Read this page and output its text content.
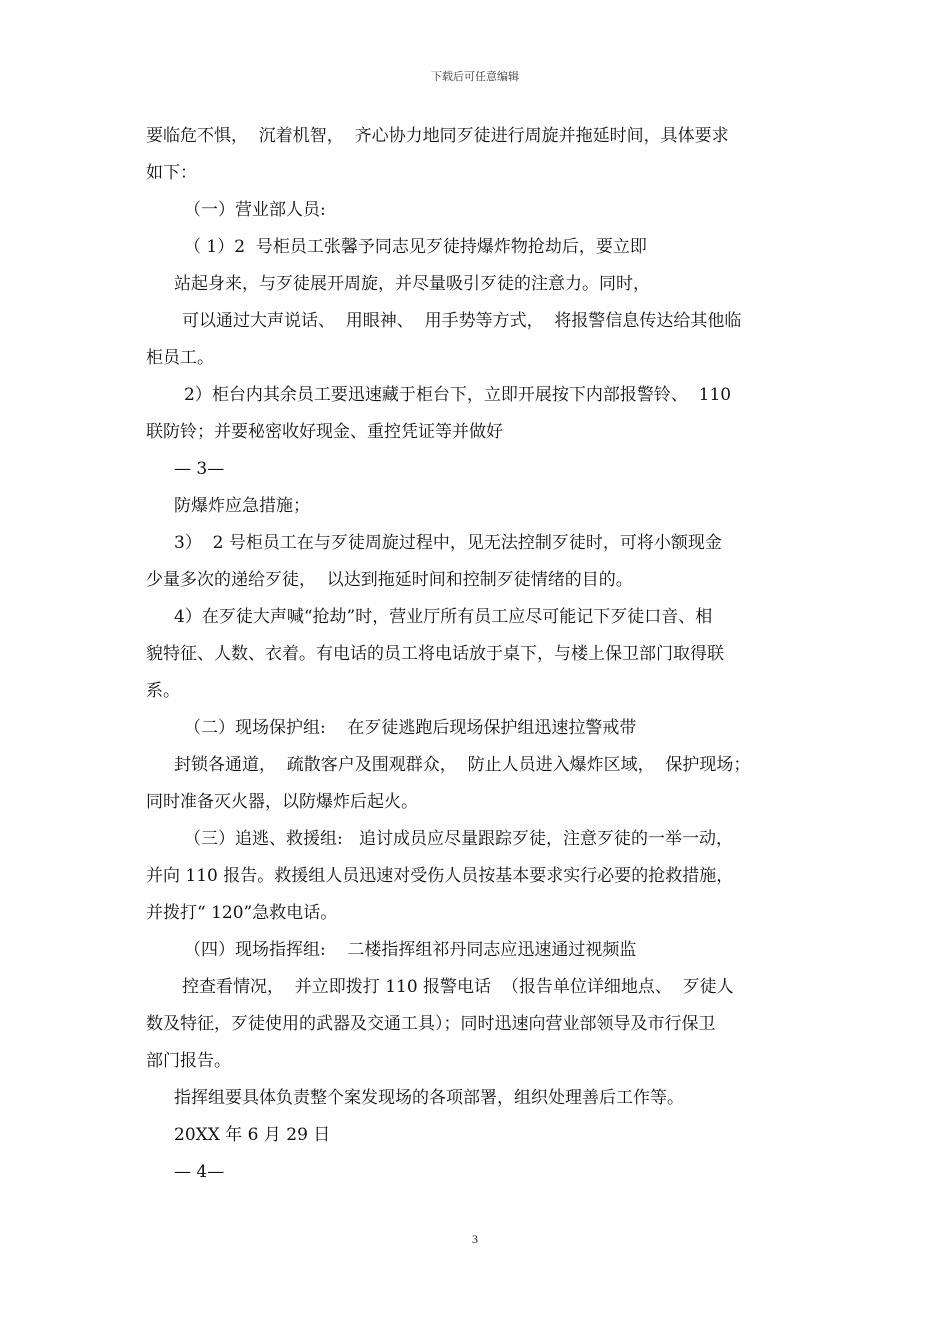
下载后可任意编辑
要临危不惧，  沉着机智，  齐心协力地同歹徒进行周旋并拖延时间，具体要求
如下：
（一）营业部人员:
（ 1）2  号柜员工张馨予同志见歹徒持爆炸物抢劫后，要立即
站起身来，与歹徒展开周旋，并尽量吸引歹徒的注意力。同时，
可以通过大声说话、  用眼神、  用手势等方式，  将报警信息传达给其他临
柜员工。
2）柜台内其余员工要迅速藏于柜台下，立即开展按下内部报警铃、  110
联防铃；并要秘密收好现金、重控凭证等并做好
— 3—
防爆炸应急措施；
3）  2 号柜员工在与歹徒周旋过程中，见无法控制歹徒时，可将小额现金
少量多次的递给歹徒，  以达到拖延时间和控制歹徒情绪的目的。
4）在歹徒大声喊“抢劫”时，营业厅所有员工应尽可能记下歹徒口音、相
貌特征、人数、衣着。有电话的员工将电话放于桌下，与楼上保卫部门取得联
系。
（二）现场保护组:    在歹徒逃跑后现场保护组迅速拉警戒带
封锁各通道，  疏散客户及围观群众，  防止人员进入爆炸区域，  保护现场；
同时准备灭火器，以防爆炸后起火。
（三）追逃、救援组:   追讨成员应尽量跟踪歹徒，注意歹徒的一举一动，
并向 110 报告。救援组人员迅速对受伤人员按基本要求实行必要的抢救措施，
并拨打“ 120”急救电话。
（四）现场指挥组:    二楼指挥组祁丹同志应迅速通过视频监
控查看情况，  并立即拨打 110 报警电话  （报告单位详细地点、  歹徒人
数及特征，歹徒使用的武器及交通工具）；同时迅速向营业部领导及市行保卫
部门报告。
指挥组要具体负责整个案发现场的各项部署，组织处理善后工作等。
20XX 年 6 月 29 日
— 4—
3
